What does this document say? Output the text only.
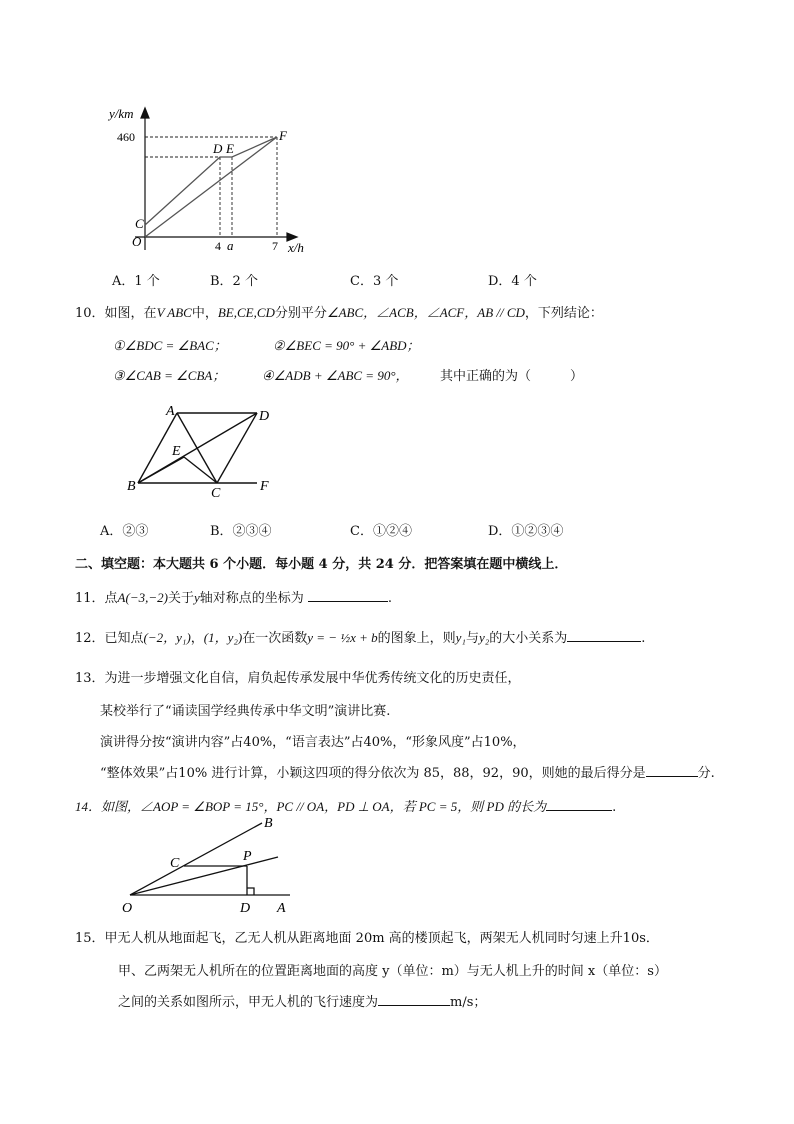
y/km
460
D E
F
C
O	4 a	7 x/h
A．1 个	B．2 个	C．3 个	D．4 个
10．如图，在V ABC中，BE,CE,CD分别平分∠ABC，∠ACB，∠ACF，AB // CD，下列结论：
①∠BDC = ∠BAC；	②∠BEC = 90° + ∠ABD；
③∠CAB = ∠CBA；	④∠ADB + ∠ABC = 90°， 其中正确的为（　　　）
A	D
E
B	C	F
A．②③	B．②③④	C．①②④	D．①②③④
二、填空题：本大题共 6 个小题．每小题 4 分，共 24 分．把答案填在题中横线上．
11．点A(−3,−2)关于y轴对称点的坐标为	.
12．已知点(−2，y₁)，(1，y₂)在一次函数y = − ½x + b的图象上，则y₁与y₂的大小关系为	.
13．为进一步增强文化自信，肩负起传承发展中华优秀传统文化的历史责任，
某校举行了“诵读国学经典传承中华文明”演讲比赛.
演讲得分按“演讲内容”占40%，“语言表达”占40%，“形象风度”占10%，
“整体效果”占10% 进行计算，小颖这四项的得分依次为 85，88，92，90，则她的最后得分是	分.
14．如图，∠AOP = ∠BOP = 15°，PC // OA，PD ⊥ OA，若 PC = 5，则 PD 的长为	.
B
C	P
O	D A
15．甲无人机从地面起飞，乙无人机从距离地面 20m 高的楼顶起飞，两架无人机同时匀速上升10s．
甲、乙两架无人机所在的位置距离地面的高度 y（单位：m）与无人机上升的时间 x（单位：s）
之间的关系如图所示，甲无人机的飞行速度为	m/s；
